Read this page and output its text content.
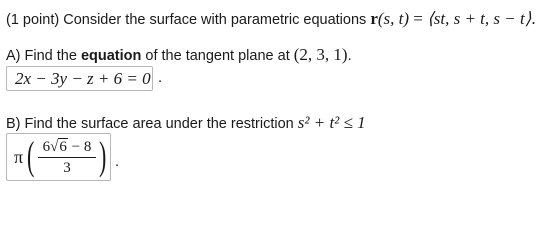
(1 point) Consider the surface with parametric equations r(s, t) = ⟨st, s + t, s − t⟩.
A) Find the equation of the tangent plane at (2, 3, 1).
2x − 3y − z + 6 = 0 .
B) Find the surface area under the restriction s² + t² ≤ 1
π ( 6√6 − 8
3 ) .
